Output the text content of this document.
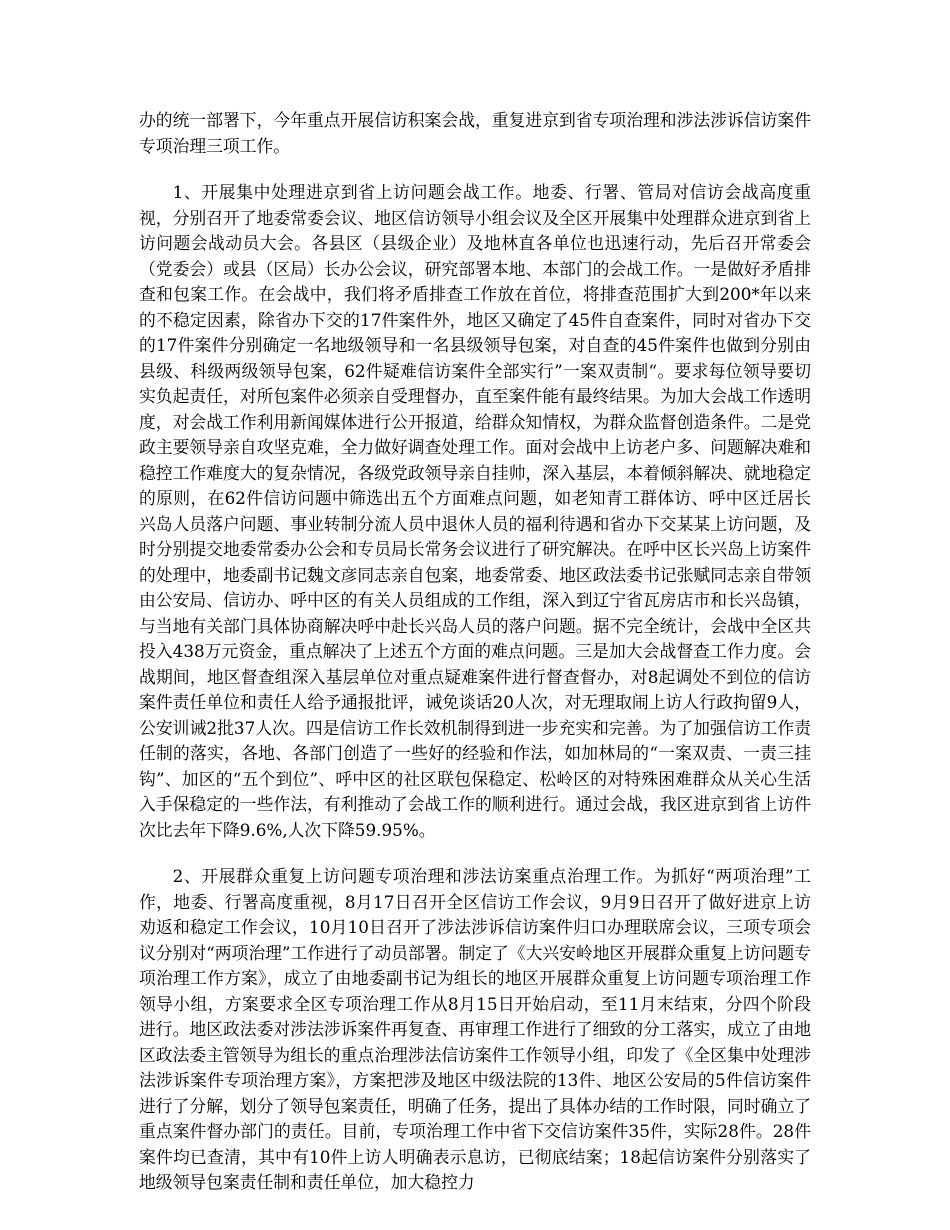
办的统一部署下，今年重点开展信访积案会战，重复进京到省专项治理和涉法涉诉信访案件专项治理三项工作。

1、开展集中处理进京到省上访问题会战工作。地委、行署、管局对信访会战高度重视，分别召开了地委常委会议、地区信访领导小组会议及全区开展集中处理群众进京到省上访问题会战动员大会。各县区（县级企业）及地林直各单位也迅速行动，先后召开常委会（党委会）或县（区局）长办公会议，研究部署本地、本部门的会战工作。一是做好矛盾排查和包案工作。在会战中，我们将矛盾排查工作放在首位，将排查范围扩大到200*年以来的不稳定因素，除省办下交的17件案件外，地区又确定了45件自查案件，同时对省办下交的17件案件分别确定一名地级领导和一名县级领导包案，对自查的45件案件也做到分别由县级、科级两级领导包案，62件疑难信访案件全部实行”一案双责制“。要求每位领导要切实负起责任，对所包案件必须亲自受理督办，直至案件能有最终结果。为加大会战工作透明度，对会战工作利用新闻媒体进行公开报道，给群众知情权，为群众监督创造条件。二是党政主要领导亲自攻坚克难，全力做好调查处理工作。面对会战中上访老户多、问题解决难和稳控工作难度大的复杂情况，各级党政领导亲自挂帅，深入基层，本着倾斜解决、就地稳定的原则，在62件信访问题中筛选出五个方面难点问题，如老知青工群体访、呼中区迁居长兴岛人员落户问题、事业转制分流人员中退休人员的福利待遇和省办下交某某上访问题，及时分别提交地委常委办公会和专员局长常务会议进行了研究解决。在呼中区长兴岛上访案件的处理中，地委副书记魏文彦同志亲自包案，地委常委、地区政法委书记张赋同志亲自带领由公安局、信访办、呼中区的有关人员组成的工作组，深入到辽宁省瓦房店市和长兴岛镇，与当地有关部门具体协商解决呼中赴长兴岛人员的落户问题。据不完全统计，会战中全区共投入438万元资金，重点解决了上述五个方面的难点问题。三是加大会战督查工作力度。会战期间，地区督查组深入基层单位对重点疑难案件进行督查督办，对8起调处不到位的信访案件责任单位和责任人给予通报批评，诫免谈话20人次，对无理取闹上访人行政拘留9人，公安训诫2批37人次。四是信访工作长效机制得到进一步充实和完善。为了加强信访工作责任制的落实，各地、各部门创造了一些好的经验和作法，如加林局的“一案双责、一责三挂钩”、加区的“五个到位”、呼中区的社区联包保稳定、松岭区的对特殊困难群众从关心生活入手保稳定的一些作法，有利推动了会战工作的顺利进行。通过会战，我区进京到省上访件次比去年下降9.6%,人次下降59.95%。

2、开展群众重复上访问题专项治理和涉法访案重点治理工作。为抓好“两项治理”工作，地委、行署高度重视，8月17日召开全区信访工作会议，9月9日召开了做好进京上访劝返和稳定工作会议，10月10日召开了涉法涉诉信访案件归口办理联席会议，三项专项会议分别对“两项治理”工作进行了动员部署。制定了《大兴安岭地区开展群众重复上访问题专项治理工作方案》，成立了由地委副书记为组长的地区开展群众重复上访问题专项治理工作领导小组，方案要求全区专项治理工作从8月15日开始启动，至11月末结束，分四个阶段进行。地区政法委对涉法涉诉案件再复查、再审理工作进行了细致的分工落实，成立了由地区政法委主管领导为组长的重点治理涉法信访案件工作领导小组，印发了《全区集中处理涉法涉诉案件专项治理方案》，方案把涉及地区中级法院的13件、地区公安局的5件信访案件进行了分解，划分了领导包案责任，明确了任务，提出了具体办结的工作时限，同时确立了重点案件督办部门的责任。目前，专项治理工作中省下交信访案件35件，实际28件。28件案件均已查清，其中有10件上访人明确表示息访，已彻底结案；18起信访案件分别落实了地级领导包案责任制和责任单位，加大稳控力
